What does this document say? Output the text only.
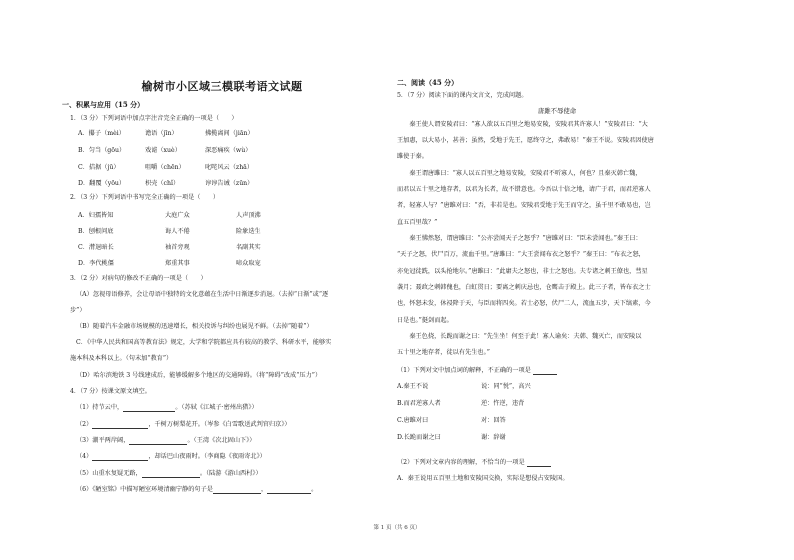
榆树市小区域三模联考语文试题
一、积累与应用（15 分）
1．（3 分）下列词语中加点字注音完全正确的一项是（　　）
A．攥子（mèi）	谵语（jīn）	拂揽离间（jiān）
B．匀当（gōu）	戏谑（xuè）	深恶痛疾（wù）
C．拮据（jū）	咀嚼（chēn）	叱咤风云（zhā）
D．翻覆（yōu）	枳壳（chǐ）	谆谆告诫（zūn）
2．（3 分）下列词语中书写完全正确的一项是（　　）
A．妇孺皆知	大庭广众	人声顶沸
B．刨根问底	诲人不倦	险象迭生
C．潸退暗长	袖首旁观	名副其实
D．李代桃僵	郑重其事	啼众取宠
3．（2 分）对病句的修改不正确的一项是（　　）
（A）忽视母语修养，会让母语中独特的文化意蕴在生活中日渐逐步消退。（去掉“日渐”或“逐
步”）
（B）随着汽车金融市场规模的迅速增长，相关投诉与纠纷也展见不鲜。（去掉“随着”）
C．《中华人民共和国高等教育法》规定，大学和学院都应具有较高的教学、科研水平，能够实
施本科及本科以上。（句末加“教育”）
（D）哈尔滨地铁 3 号线建成后，能够缓解多个地区的交通障碍。（将“障碍”改成“压力”）
4．（7 分）按课文原文填空。
（1）持节云中，	。（苏轼《江城子·密州出猎》）
（2）	，千树万树梨花开。（岑参《白雪歌送武判官归京》）
（3）潮平两岸阔，	。（王湾《次北固山下》）
（4）	，却话巴山夜雨时。（李商隐《夜雨寄北》）
（5）山重水复疑无路，	。（陆游《游山西村》）
（6）《陋室铭》中描写陋室环境清幽宁静的句子是	，	。
二、阅读（45 分）
5．（7 分）阅读下面的课内文言文，完成问题。
唐雎不辱使命
　　秦王使人谓安陵君曰：“寡人欲以五百里之地易安陵，安陵君其许寡人！”安陵君曰：“大
王加惠，以大易小，甚善；虽然，受地于先王，愿终守之，弗敢易！”秦王不说。安陵君因使唐
雎使于秦。
　　秦王谓唐雎曰：“寡人以五百里之地易安陵，安陵君不听寡人，何也？且秦灭韩亡魏，
而君以五十里之地存者，以君为长者，故不错意也。今吾以十倍之地，请广于君，而君逆寡人
者，轻寡人与？”唐雎对曰：“否，非若是也。安陵君受地于先王而守之，虽千里不敢易也，岂
直五百里哉？”
　　秦王怫然怒，谓唐雎曰：“公亦尝闻天子之怒乎？”唐雎对曰：“臣未尝闻也。”秦王曰：
“天子之怒，伏尸百万，流血千里。”唐雎曰：“大王尝闻布衣之怒乎？”秦王曰：“布衣之怒，
亦免冠徒跣，以头抢地尔。”唐雎曰：“此庸夫之怒也，非士之怒也。夫专诸之刺王僚也，彗星
袭月；聂政之刺韩傀也，白虹贯日；要离之刺庆忌也，仓鹰击于殿上。此三子者，皆布衣之士
也，怀怒未发，休祲降于天，与臣而将四矣。若士必怒，伏尸二人，流血五步，天下缟素，今
日是也。”挺剑而起。
　　秦王色挠，长跪而谢之曰：“先生坐！何至于此！寡人谕矣：夫韩、魏灭亡，而安陵以
五十里之地存者，徒以有先生也。”
（1）下列对文中加点词的解释，不正确的一项是
A.秦王不说	说：同“悦”，高兴
B.而君逆寡人者	逆：忤逆，违背
C.唐雎对曰	对：回答
D.长跪而谢之曰	谢：辞谢
（2）下列对文章内容的理解，不恰当的一项是
A．秦王说用五百里土地和安陵国交换，实际是想侵占安陵国。
第 1 页（共 6 页）
